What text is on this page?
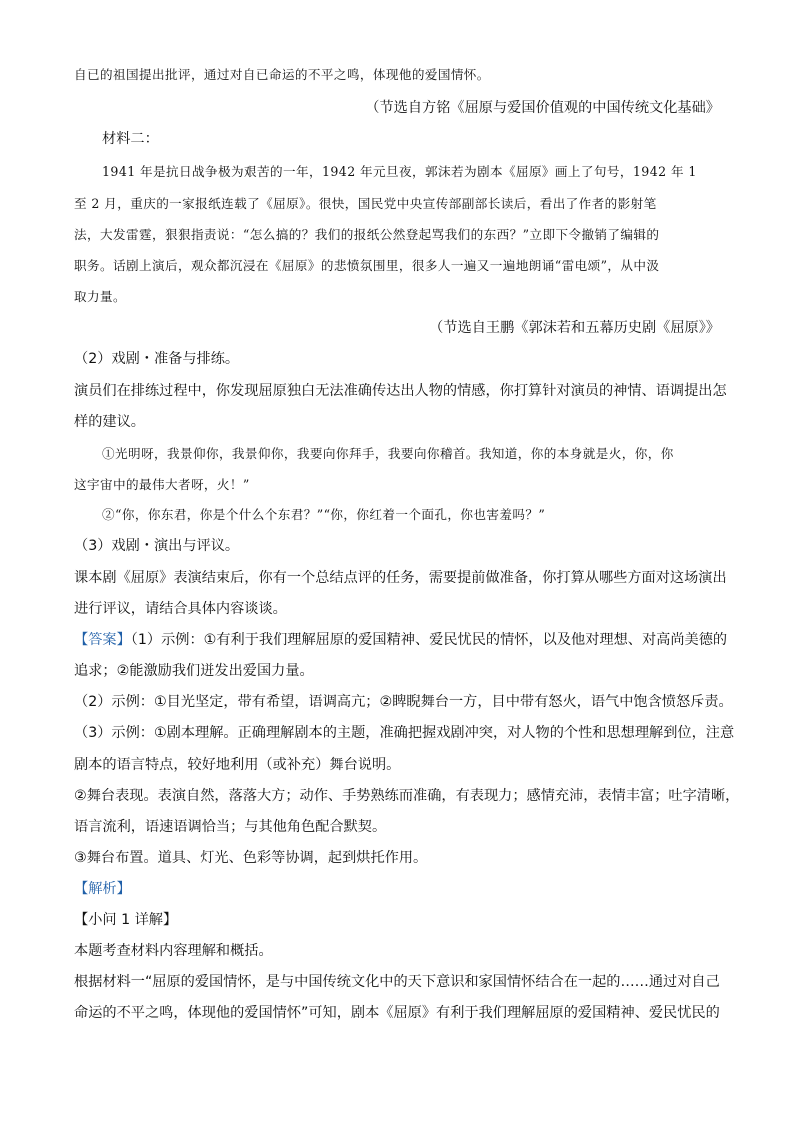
自已的祖国提出批评，通过对自已命运的不平之鸣，体现他的爱国情怀。
（节选自方铭《屈原与爱国价值观的中国传统文化基础》
材料二：
1941 年是抗日战争极为艰苦的一年，1942 年元旦夜，郭沫若为剧本《屈原》画上了句号，1942 年 1
至 2 月，重庆的一家报纸连载了《屈原》。很快，国民党中央宣传部副部长读后，看出了作者的影射笔
法，大发雷霆，狠狠指责说：“怎么搞的？我们的报纸公然登起骂我们的东西？”立即下令撤销了编辑的
职务。话剧上演后，观众都沉浸在《屈原》的悲愤氛围里，很多人一遍又一遍地朗诵“雷电颂”，从中汲
取力量。
（节选自王鹏《郭沫若和五幕历史剧《屈原》》
（2）戏剧・准备与排练。
演员们在排练过程中，你发现屈原独白无法准确传达出人物的情感，你打算针对演员的神情、语调提出怎
样的建议。
①光明呀，我景仰你，我景仰你，我要向你拜手，我要向你稽首。我知道，你的本身就是火，你，你
这宇宙中的最伟大者呀，火！”
②“你，你东君，你是个什么个东君？”“你，你红着一个面孔，你也害羞吗？”
（3）戏剧・演出与评议。
课本剧《屈原》表演结束后，你有一个总结点评的任务，需要提前做准备，你打算从哪些方面对这场演出
进行评议，请结合具体内容谈谈。
【答案】（1）示例：①有利于我们理解屈原的爱国精神、爱民忧民的情怀，以及他对理想、对高尚美德的
追求；②能激励我们迸发出爱国力量。
（2）示例：①目光坚定，带有希望，语调高亢；②睥睨舞台一方，目中带有怒火，语气中饱含愤怒斥责。
（3）示例：①剧本理解。正确理解剧本的主题，准确把握戏剧冲突，对人物的个性和思想理解到位，注意
剧本的语言特点，较好地利用（或补充）舞台说明。
②舞台表现。表演自然，落落大方；动作、手势熟练而准确，有表现力；感情充沛，表情丰富；吐字清晰，
语言流利，语速语调恰当；与其他角色配合默契。
③舞台布置。道具、灯光、色彩等协调，起到烘托作用。
【解析】
【小问 1 详解】
本题考查材料内容理解和概括。
根据材料一“屈原的爱国情怀，是与中国传统文化中的天下意识和家国情怀结合在一起的……通过对自己
命运的不平之鸣，体现他的爱国情怀”可知，剧本《屈原》有利于我们理解屈原的爱国精神、爱民忧民的
